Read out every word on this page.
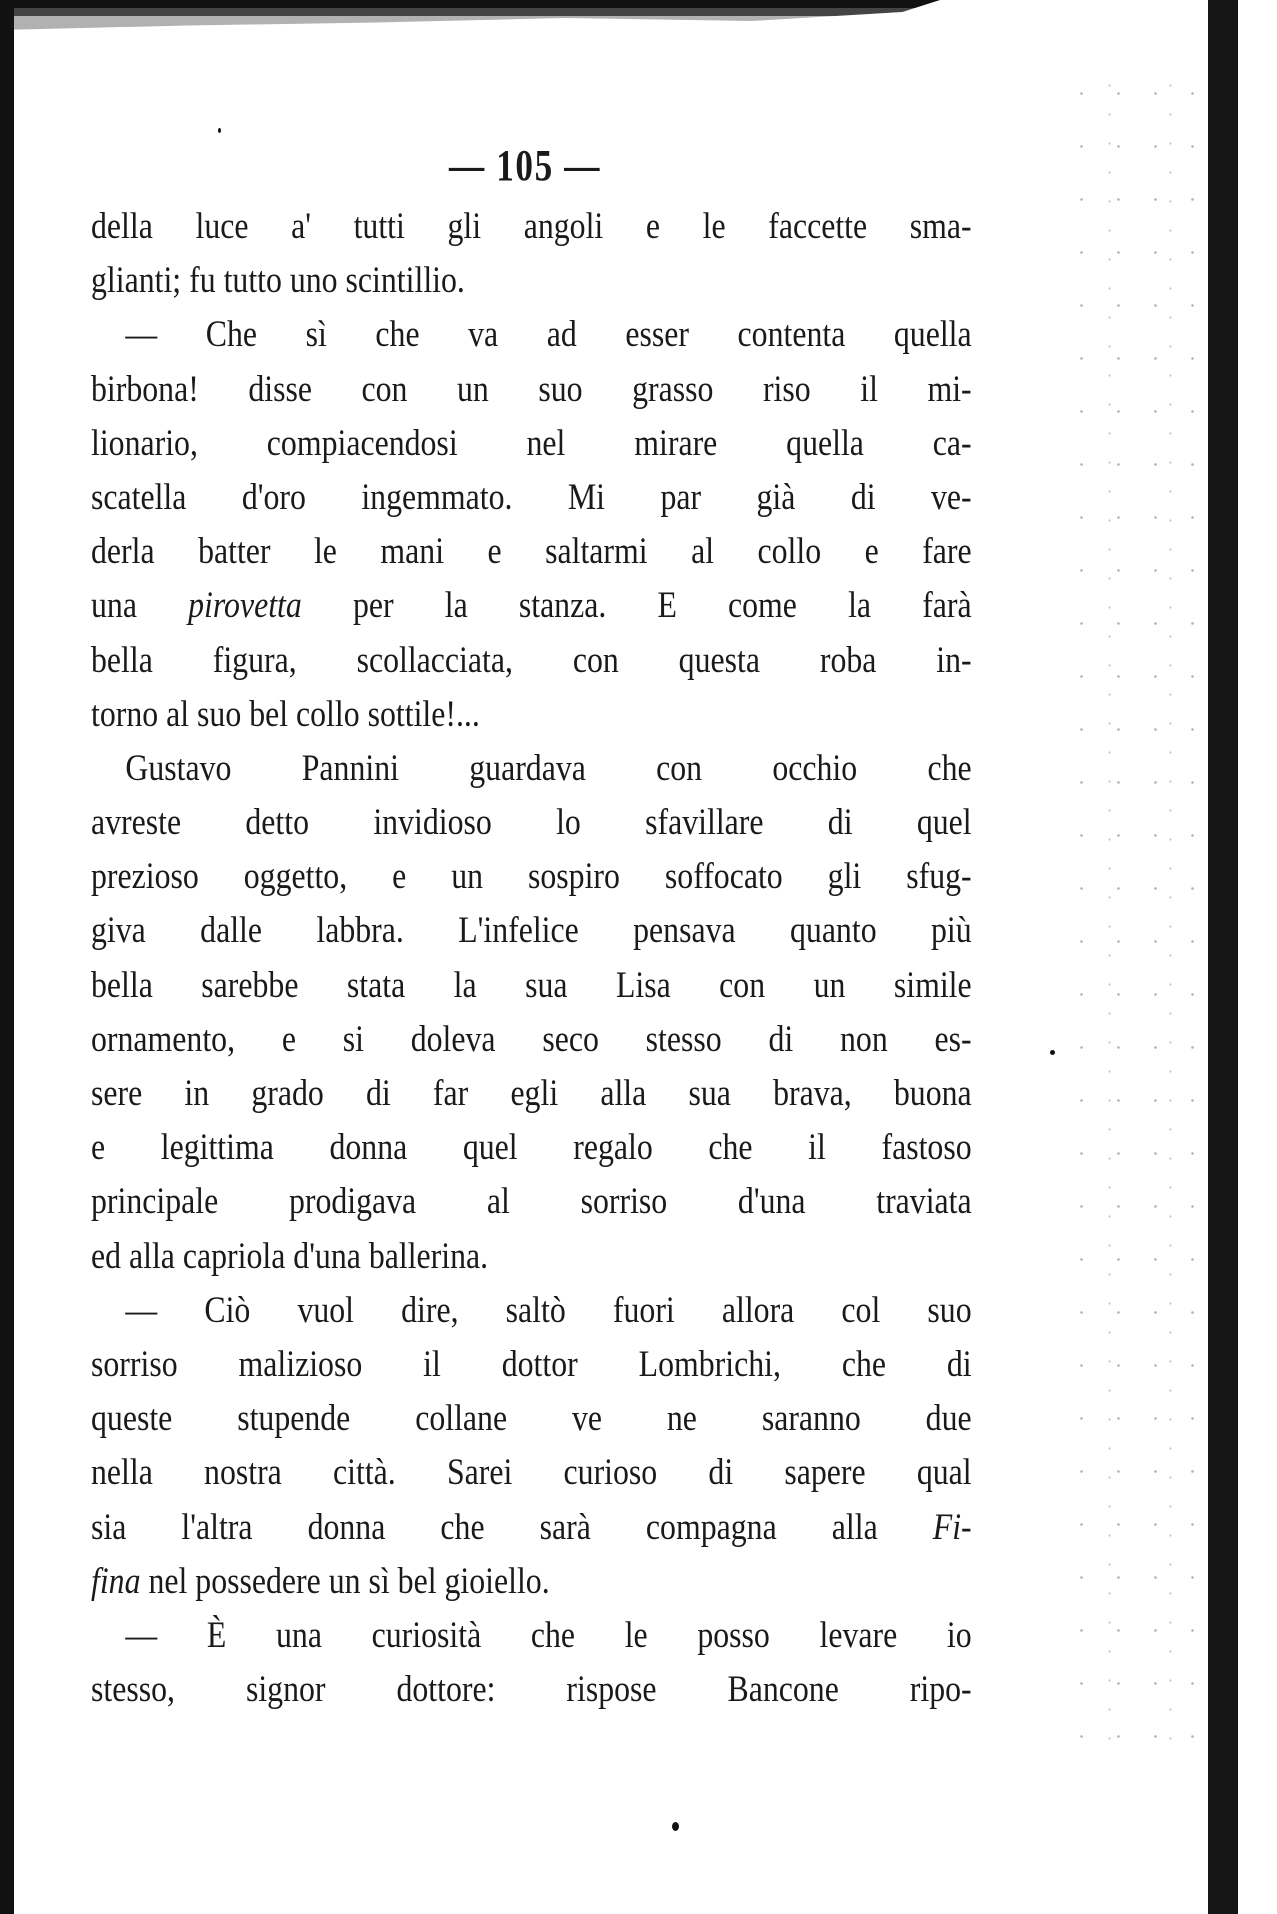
— 105 —
della luce a' tutti gli angoli e le faccette sma-
glianti; fu tutto uno scintillio.
— Che sì che va ad esser contenta quella
birbona! disse con un suo grasso riso il mi-
lionario, compiacendosi nel mirare quella ca-
scatella d'oro ingemmato. Mi par già di ve-
derla batter le mani e saltarmi al collo e fare
una pirovetta per la stanza. E come la farà
bella figura, scollacciata, con questa roba in-
torno al suo bel collo sottile!...
Gustavo Pannini guardava con occhio che
avreste detto invidioso lo sfavillare di quel
prezioso oggetto, e un sospiro soffocato gli sfug-
giva dalle labbra. L'infelice pensava quanto più
bella sarebbe stata la sua Lisa con un simile
ornamento, e si doleva seco stesso di non es-
sere in grado di far egli alla sua brava, buona
e legittima donna quel regalo che il fastoso
principale prodigava al sorriso d'una traviata
ed alla capriola d'una ballerina.
— Ciò vuol dire, saltò fuori allora col suo
sorriso malizioso il dottor Lombrichi, che di
queste stupende collane ve ne saranno due
nella nostra città. Sarei curioso di sapere qual
sia l'altra donna che sarà compagna alla Fi-
fina nel possedere un sì bel gioiello.
— È una curiosità che le posso levare io
stesso, signor dottore: rispose Bancone ripo-
